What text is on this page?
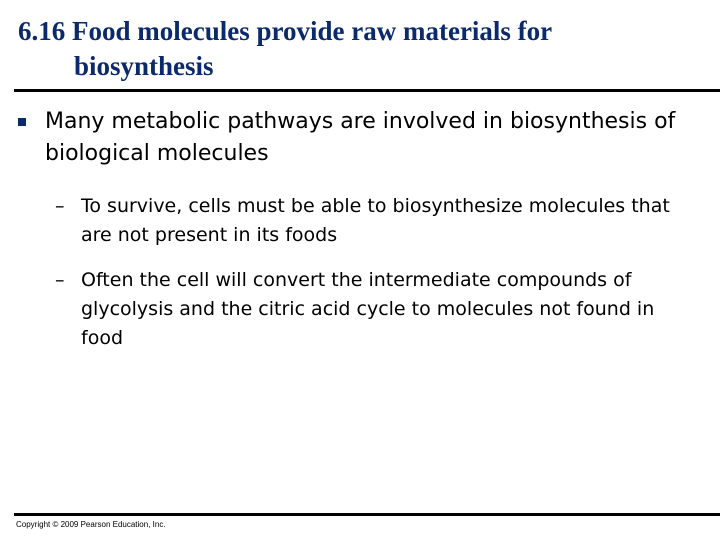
6.16 Food molecules provide raw materials for
biosynthesis
Many metabolic pathways are involved in biosynthesis of biological molecules
– To survive, cells must be able to biosynthesize molecules that are not present in its foods
– Often the cell will convert the intermediate compounds of glycolysis and the citric acid cycle to molecules not found in food
Copyright © 2009 Pearson Education, Inc.
